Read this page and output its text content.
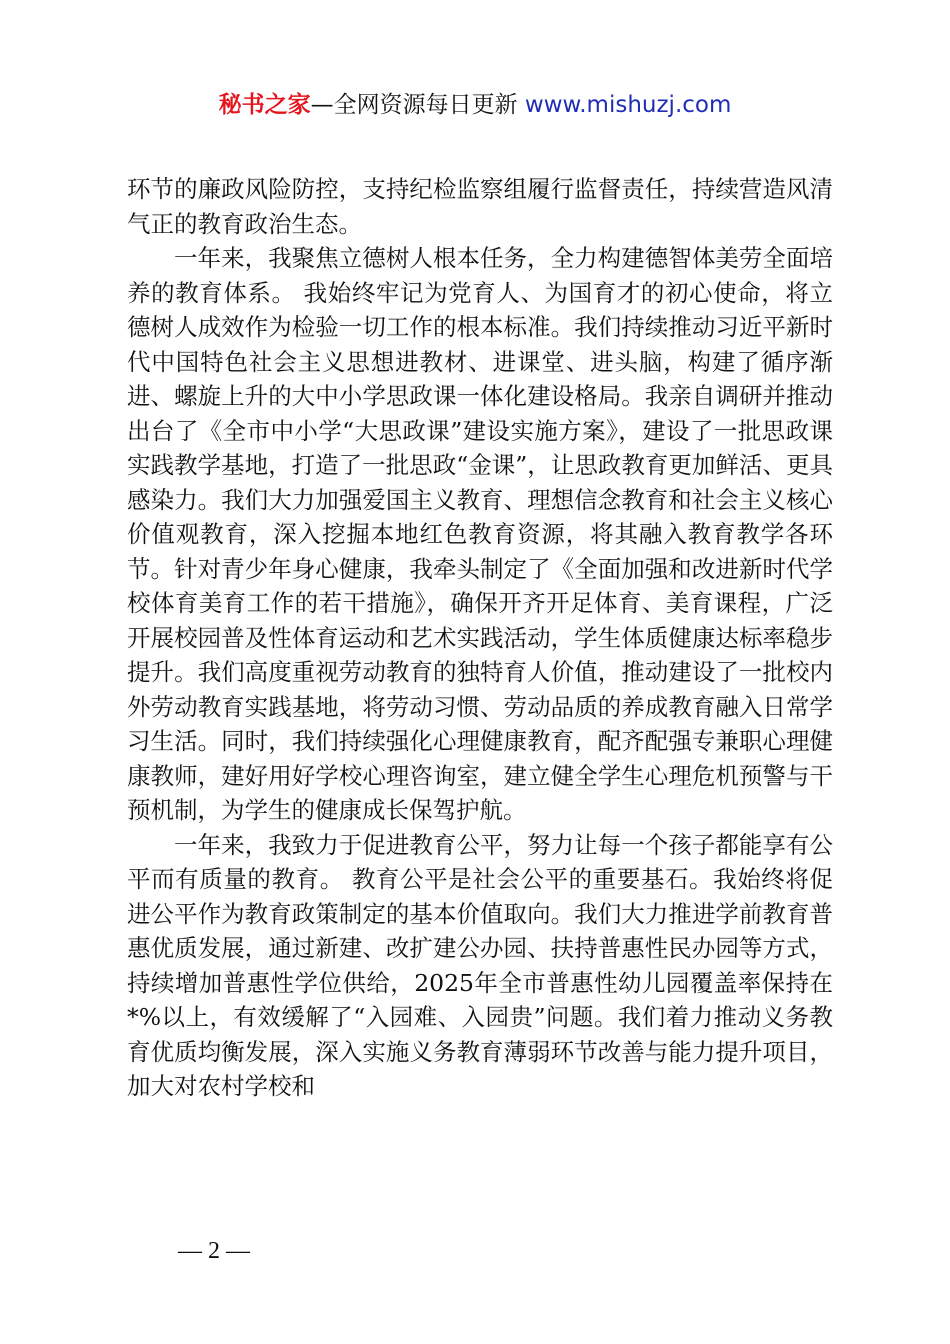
秘书之家—全网资源每日更新 www.mishuzj.com

环节的廉政风险防控，支持纪检监察组履行监督责任，持续营造风清气正的教育政治生态。

一年来，我聚焦立德树人根本任务，全力构建德智体美劳全面培养的教育体系。 我始终牢记为党育人、为国育才的初心使命，将立德树人成效作为检验一切工作的根本标准。我们持续推动习近平新时代中国特色社会主义思想进教材、进课堂、进头脑，构建了循序渐进、螺旋上升的大中小学思政课一体化建设格局。我亲自调研并推动出台了《全市中小学“大思政课”建设实施方案》，建设了一批思政课实践教学基地，打造了一批思政“金课”，让思政教育更加鲜活、更具感染力。我们大力加强爱国主义教育、理想信念教育和社会主义核心价值观教育，深入挖掘本地红色教育资源，将其融入教育教学各环节。针对青少年身心健康，我牵头制定了《全面加强和改进新时代学校体育美育工作的若干措施》，确保开齐开足体育、美育课程，广泛开展校园普及性体育运动和艺术实践活动，学生体质健康达标率稳步提升。我们高度重视劳动教育的独特育人价值，推动建设了一批校内外劳动教育实践基地，将劳动习惯、劳动品质的养成教育融入日常学习生活。同时，我们持续强化心理健康教育，配齐配强专兼职心理健康教师，建好用好学校心理咨询室，建立健全学生心理危机预警与干预机制，为学生的健康成长保驾护航。

一年来，我致力于促进教育公平，努力让每一个孩子都能享有公平而有质量的教育。 教育公平是社会公平的重要基石。我始终将促进公平作为教育政策制定的基本价值取向。我们大力推进学前教育普惠优质发展，通过新建、改扩建公办园、扶持普惠性民办园等方式，持续增加普惠性学位供给，2025年全市普惠性幼儿园覆盖率保持在*%以上，有效缓解了“入园难、入园贵”问题。我们着力推动义务教育优质均衡发展，深入实施义务教育薄弱环节改善与能力提升项目，加大对农村学校和

— 2 —
